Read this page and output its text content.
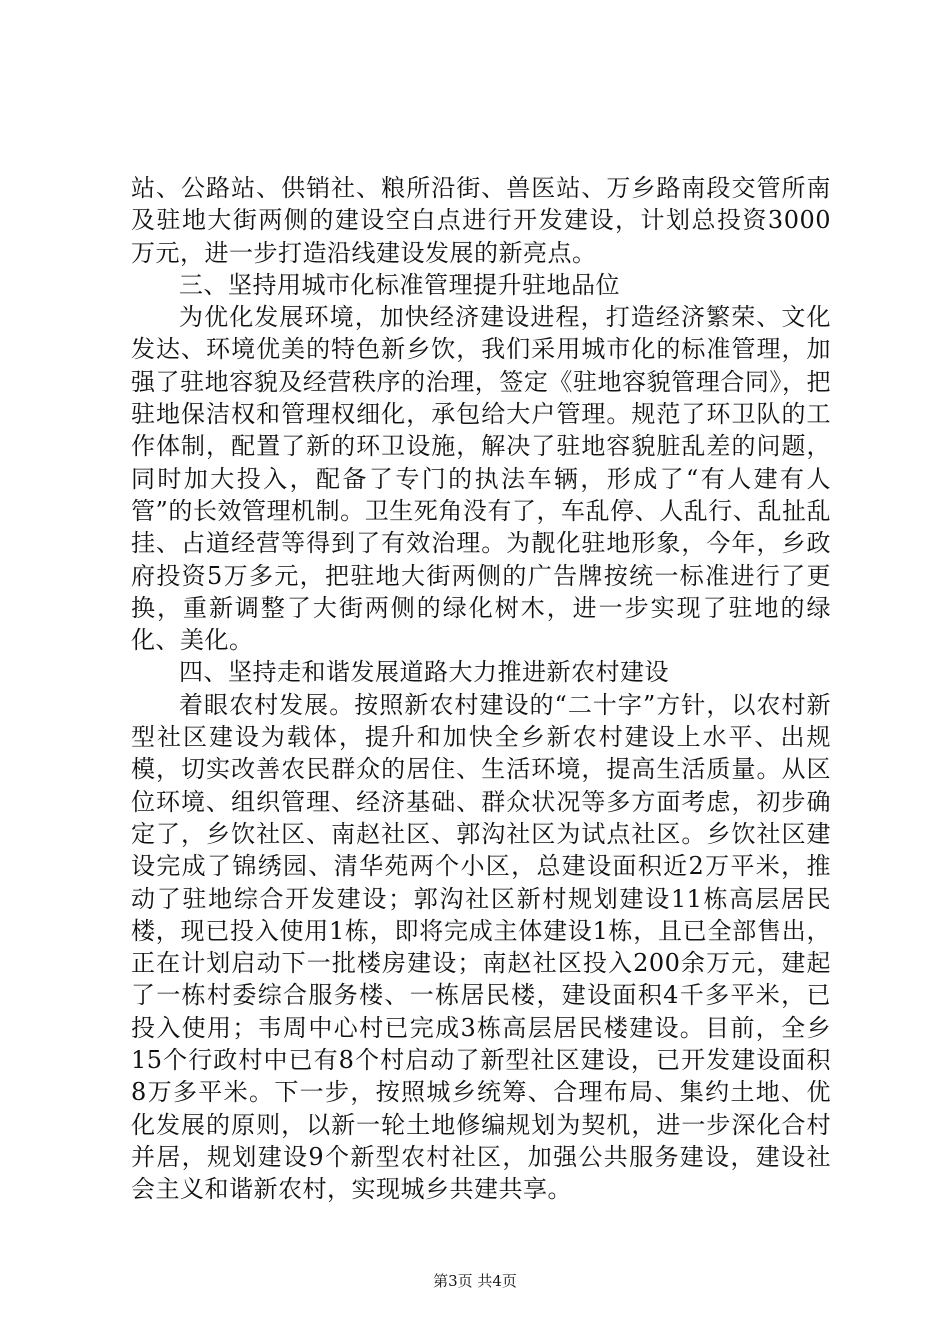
站、公路站、供销社、粮所沿街、兽医站、万乡路南段交管所南及驻地大街两侧的建设空白点进行开发建设，计划总投资3000万元，进一步打造沿线建设发展的新亮点。

三、坚持用城市化标准管理提升驻地品位

为优化发展环境，加快经济建设进程，打造经济繁荣、文化发达、环境优美的特色新乡饮，我们采用城市化的标准管理，加强了驻地容貌及经营秩序的治理，签定《驻地容貌管理合同》，把驻地保洁权和管理权细化，承包给大户管理。规范了环卫队的工作体制，配置了新的环卫设施，解决了驻地容貌脏乱差的问题，同时加大投入，配备了专门的执法车辆，形成了“有人建有人管”的长效管理机制。卫生死角没有了，车乱停、人乱行、乱扯乱挂、占道经营等得到了有效治理。为靓化驻地形象，今年，乡政府投资5万多元，把驻地大街两侧的广告牌按统一标准进行了更换，重新调整了大街两侧的绿化树木，进一步实现了驻地的绿化、美化。

四、坚持走和谐发展道路大力推进新农村建设

着眼农村发展。按照新农村建设的“二十字”方针，以农村新型社区建设为载体，提升和加快全乡新农村建设上水平、出规模，切实改善农民群众的居住、生活环境，提高生活质量。从区位环境、组织管理、经济基础、群众状况等多方面考虑，初步确定了，乡饮社区、南赵社区、郭沟社区为试点社区。乡饮社区建设完成了锦绣园、清华苑两个小区，总建设面积近2万平米，推动了驻地综合开发建设；郭沟社区新村规划建设11栋高层居民楼，现已投入使用1栋，即将完成主体建设1栋，且已全部售出，正在计划启动下一批楼房建设；南赵社区投入200余万元，建起了一栋村委综合服务楼、一栋居民楼，建设面积4千多平米，已投入使用；韦周中心村已完成3栋高层居民楼建设。目前，全乡15个行政村中已有8个村启动了新型社区建设，已开发建设面积8万多平米。下一步，按照城乡统筹、合理布局、集约土地、优化发展的原则，以新一轮土地修编规划为契机，进一步深化合村并居，规划建设9个新型农村社区，加强公共服务建设，建设社会主义和谐新农村，实现城乡共建共享。

第3页 共4页
